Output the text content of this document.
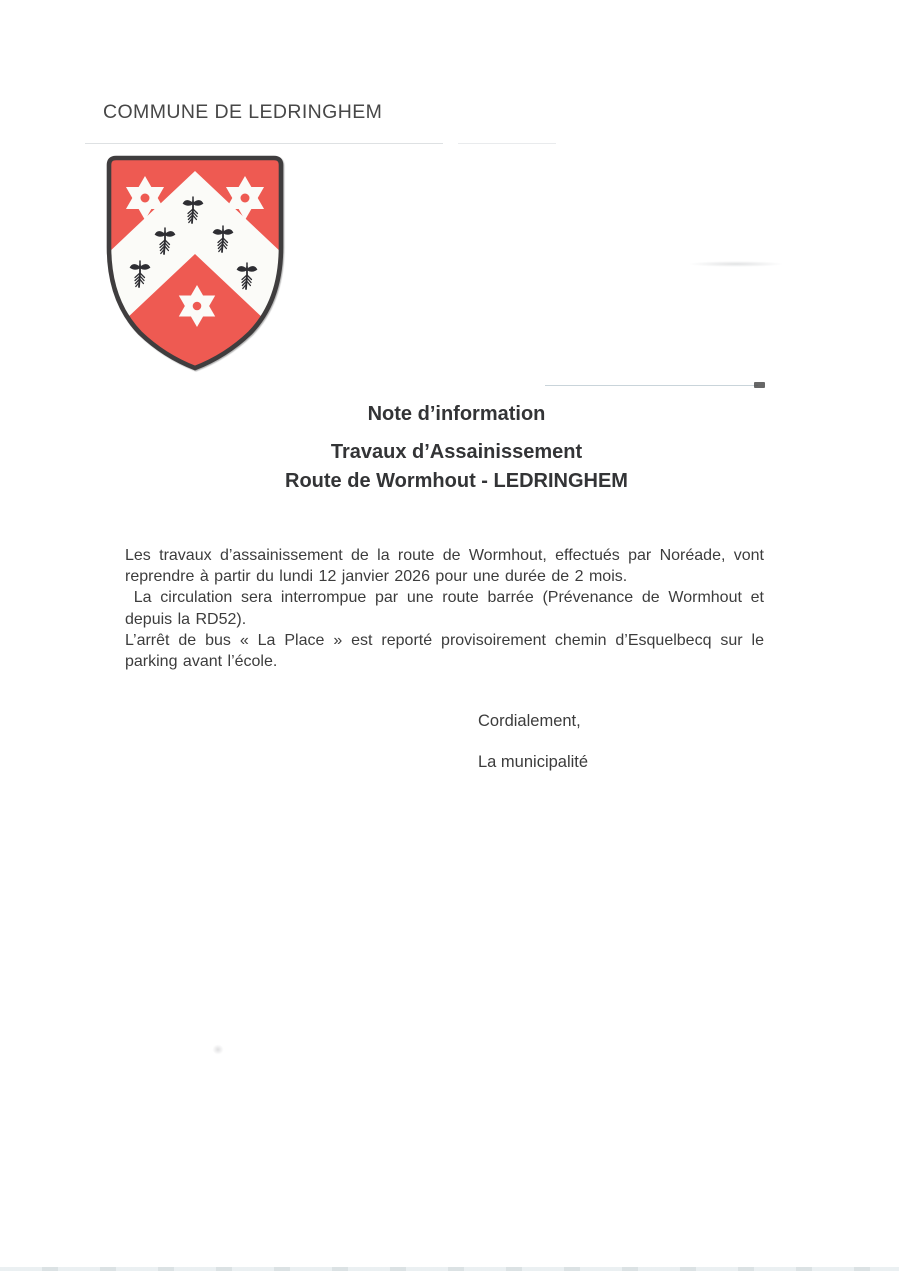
COMMUNE DE LEDRINGHEM

Note d’information

Travaux d’Assainissement

Route de Wormhout - LEDRINGHEM

Les travaux d’assainissement de la route de Wormhout, effectués par Noréade, vont reprendre à partir du lundi 12 janvier 2026 pour une durée de 2 mois.

La circulation sera interrompue par une route barrée (Prévenance de Wormhout et depuis la RD52).

L’arrêt de bus « La Place » est reporté provisoirement chemin d’Esquelbecq sur le parking avant l’école.

Cordialement,
La municipalité
